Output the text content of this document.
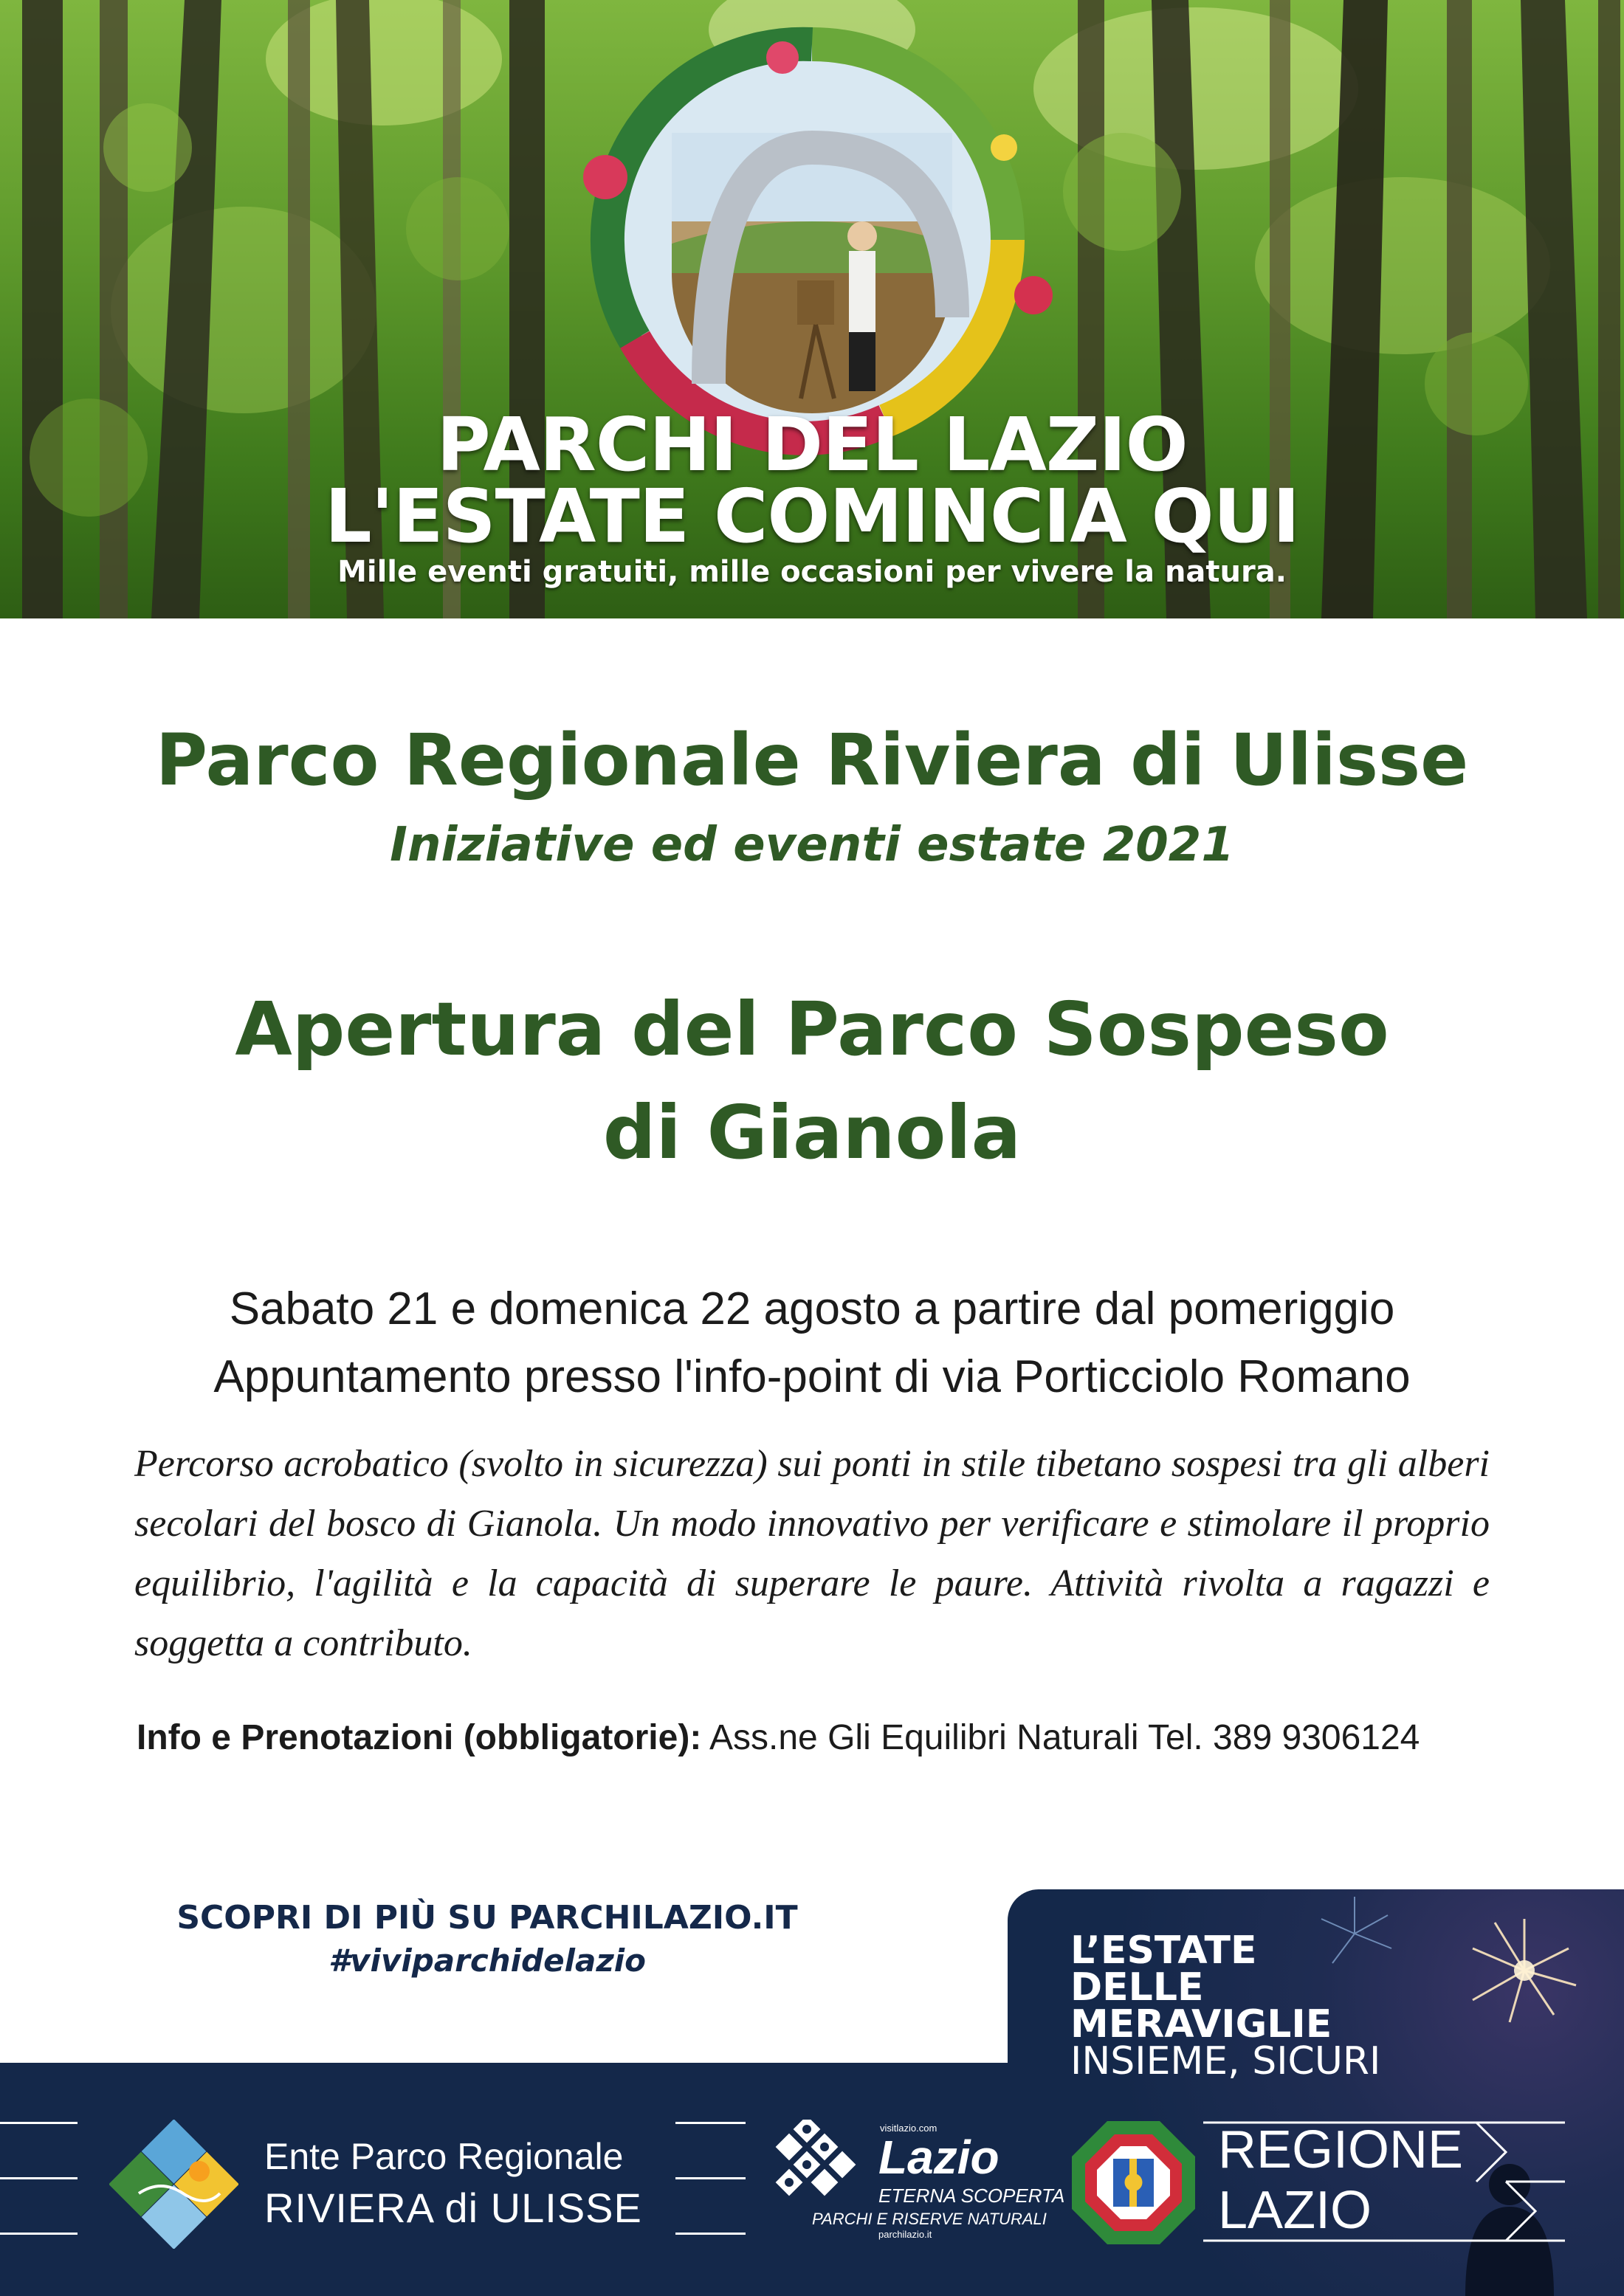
PARCHI DEL LAZIO
L'ESTATE COMINCIA QUI
Mille eventi gratuiti, mille occasioni per vivere la natura.
Parco Regionale Riviera di Ulisse
Iniziative ed eventi estate 2021
Apertura del Parco Sospeso
di Gianola
Sabato 21 e domenica 22 agosto a partire dal pomeriggio
Appuntamento presso l'info-point di via Porticciolo Romano

Percorso acrobatico (svolto in sicurezza) sui ponti in stile tibetano sospesi tra gli alberi secolari del bosco di Gianola. Un modo innovativo per verificare e stimolare il proprio equilibrio, l'agilità e la capacità di superare le paure. Attività rivolta a ragazzi e soggetta a contributo.

Info e Prenotazioni (obbligatorie): Ass.ne Gli Equilibri Naturali Tel. 389 9306124
SCOPRI DI PIÙ SU PARCHILAZIO.IT
#viviparchidelazio	L’ESTATE
DELLE
MERAVIGLIE
INSIEME, SICURI
Ente Parco Regionale
RIVIERA di ULISSE
visitlazio.com
Lazio
ETERNA SCOPERTA
PARCHI E RISERVE NATURALI
parchilazio.it
REGIONE
LAZIO
